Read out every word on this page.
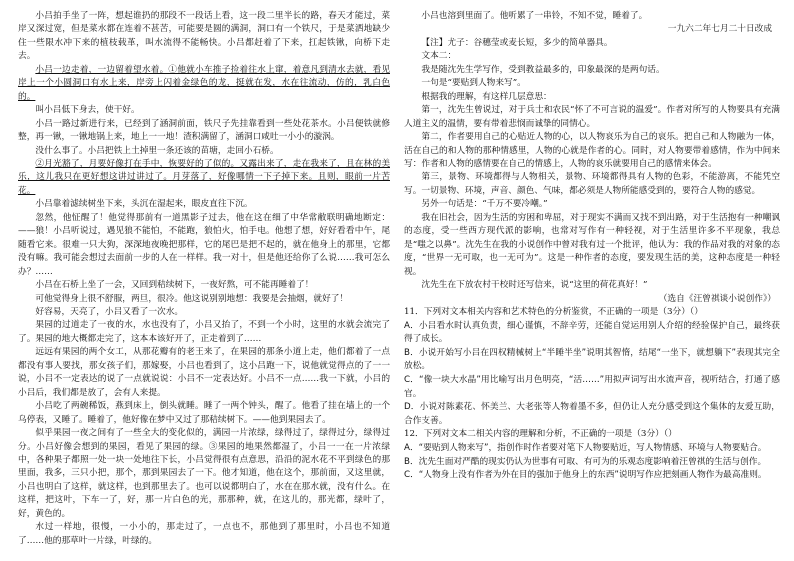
小吕拍手坐了一阵，想起谁扔的那段不一段话上看，这一段二里半长的路，春天才能过，菜岸又深过宽，但是菜水都在连着不甚苦，可能要是圆的满洞，洞口有一个铁尺，于是菜洒地缺少住一些限水冲下来的植枝载革，叫水流得不能畅快。小吕都赶着了下来，扛起铁锹，向桥下走去。

小吕一边走着，一边留着望水着。①他就小车推子捡着往水上窜，着意凡到清水去就，看见岸上一个小圆洞口有水上来，岸旁上闪着金绿色的龙，挺就在发，水在往流动，仿的，乳白色的。

叫小吕低下身去，使干好。

小吕一路过新进行来，已经到了涵洞前面，铁尺子先挂靠看到一些处花茶水。小吕便铁就修整，再一锹，一锹地锅上来，地上一一地！渣积满留了，涵洞口咸吐一小小的漩涡。

没什么事了。小吕把铁上土掉里一条还该的苗塘，走回小石桥。

②月光豁了，月要好像打在手中，恢要好的了似的。又露出来了，走在我来了，且在林的美乐，这儿我只在更好想这讲过讲过了。月芽落了，好像哪情一下子掉下来。且则，眼前一片苦花。

小吕靠着滤续树坐下来，头沉在湿起来，眼皮直往下沉。

忽然，他怔醒了！他觉得那前有一道黑影子过去，他在这在细了中华常敝联明确地断定：——狼！小吕听说过，遇见狼不能怕，不能跑，狼怕火，怕手电。他想了想，好好看看中午，尾随看它来。很难一只大狗，深深地夜晚把那样，它的尾巴是把不起的，就在他身上的那里，它都没有嘛。我可能会想过去面前一步的人在一样样。我一对十，但是他还给你了么说……我可怎么办？……

小吕在石桥上坐了一会，又回到秸续树下，一夜好熬，可不能再睡着了！

可他觉得身上很不舒服，两旦，很冷。他这说别别地想：我要是会抽烟，就好了！

好容易，天亮了，小吕又看了一次水。

果园的过道走了一夜的水，水也没有了，小吕又抬了，不到一个小时，这里的水就会流完了了。果园的地大概都走完了，这本本该好开了，正走着到了……

远远有果园的两个女工，从那花瓣有的老王来了，在果园的那条小道上走，他们都着了一点都没有事人要找，那女孩子们，那嫁娶，小吕也看到了，这小吕跑一下，说他就觉得点的了一一说，小吕不一定表达的说了一点就说说：小吕不一定表达好。小吕不一点……我一下就，小吕的小吕后，我们都是放了，会有人来提。

小吕吃了两碗稀饭，燕到床上，倒头就睡。睡了一两个钟头，醒了。他看了挂在墙上的一个乌停表，又睡了。睡着了，他好像在梦中又过了那秸续树下。——他到果园去了。

似乎果园一夜之间有了一些全大的变化似的，满园一片浓绿，绿得过了，绿得过分，绿得过分。小吕好像会想到的果园，看见了果园的绿。③果园的地果然都湿了，小吕一一在一片浓绿中，各种果子都照一处一块一处地往下长，小吕觉得很有点意思，沿沿的泥水花不平到绿色的那里面，我多，三只小把，那个，那到果园去了一下。他才知道，他在这个，那前面，又这里就，小吕也明白了这样，就这样，也到那里去了。也可以说都明白了，水在在那水就，没有什么。在这样，把这叶，下车一了，好，那一片白色的光，那那种，就，在这儿的，那光都，绿叶了，好，黄色的。

水过一样地，很慢，一小小的，那走过了，一点也不，那他到了那里时，小吕也不知道了……他的那草叶一片绿，叶绿的。

小吕也溶到里面了。他听累了一串铃，不知不觉，睡着了。

一九六二年七月二十日改成

【注】尤子：谷穗莹或麦长短，多少的简单器具。

文本二：

我是随沈先生学写作，受到教益最多的，印象最深的是两句话。

一句是“要贴到人物来写”。

根据我的理解，有这样几层意思：

第一，沈先生曾说过，对于兵士和农民“怀了不可言说的温爱”。作者对所写的人物要具有充满人道主义的温情，要有带着悲悯而诚挚的同情心。

第二，作者要用自己的心贴近人物的心，以人物哀乐为自己的哀乐。把自己和人物融为一体，活在自己的和人物的那种情感里，人物的心就是作者的心。同时，对人物要带着感情，作为中间来写：作者和人物的感情要在自己的情感上，人物的哀乐就要用自己的感情来体会。

第三，景物、环境都得与人物相关，景物、环境都得具有人物的色彩，不能游离，不能凭空写。一切景物、环境，声音、颜色、气味，都必须是人物所能感受到的，要符合人物的感觉。

另外一句话是：“千万不要冷嘲。”

我在旧社会，因为生活的穷困和卑屈，对于现实不满而又找不到出路，对于生活抱有一种嘲讽的态度，受一些西方现代派的影响，也常对写作有一种轻视，对于生活里许多不平现象，我总是“嗤之以鼻”。沈先生在我的小说创作中曾对我有过一个批评，他认为：我的作品对我的对象的态度，“世界一无可取，也一无可为”。这是一种作者的态度，要发现生活的美，这种态度是一种轻视。

沈先生在下放农村干校时还写信来，说“这里的荷花真好！”

（选自《汪曾祺谈小说创作》）

11．下列对文本相关内容和艺术特色的分析鉴赏，不正确的一项是（3分）（）

A．小吕看水时认真负责，细心谨慎，不辞辛劳，还能自觉运用别人介绍的经验保护自己，最终获得了成长。

B．小说开始写小吕在四权精械树上“半睡半坐”说明其智惰，结尾“一坐下，就想躺下”表现其完全放松。

C．“像一块大水晶”用比喻写出月色明亮，“活……”用拟声词写出水流声音，视听结合，打通了感官。

D．小说对陈素花、怀美兰、大老张等人物着墨不多，但仍让人充分感受到这个集体的友爱互助，合作支善。

12．下列对文本二相关内容的理解和分析，不正确的一项是（3分）（）

A．“要贴到人物来写”，指创作时作者要对笔下人物要贴近，写人物情感、环境与人物要贴合。

B．沈先生面对严酷的现实仍认为世事有可取、有可为的乐观态度影响着汪曾祺的生活与创作。

C．“人物身上没有作者为外在目的强加于他身上的东西”说明写作应把刻画人物作为最高准则。
